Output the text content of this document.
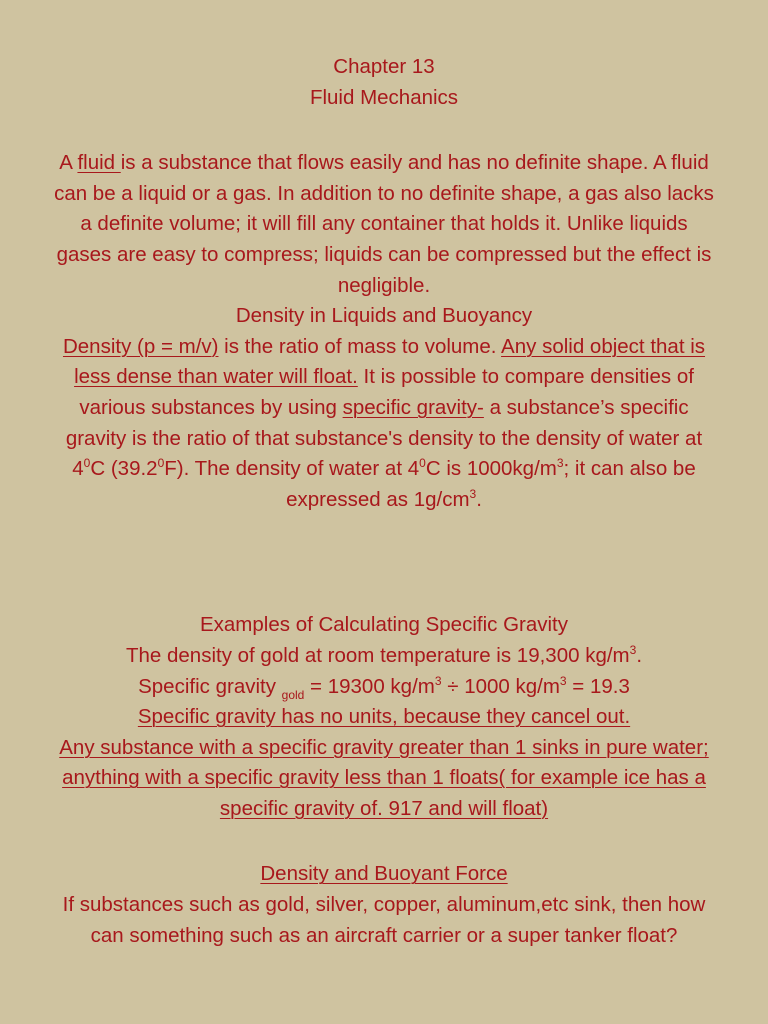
Chapter 13
Fluid Mechanics
A fluid is a substance that flows easily and has no definite shape. A fluid
can be a liquid or a gas. In addition to no definite shape, a gas also lacks
a definite volume; it will fill any container that holds it. Unlike liquids
gases are easy to compress; liquids can be compressed but the effect is
negligible.
Density in Liquids and Buoyancy
Density (p = m/v) is the ratio of mass to volume. Any solid object that is
less dense than water will float. It is possible to compare densities of
various substances by using specific gravity- a substance’s specific
gravity is the ratio of that substance's density to the density of water at
$4^0C$ (39.2$^0$F). The density of water at $4^0C$ is $1000kg/m^3$; it can also be
expressed as $1g/cm^3$.
Examples of Calculating Specific Gravity
The density of gold at room temperature is 19,300 $kg/m^3$.
Specific gravity $_{gold}$ = 19300 $kg/m^3 \div 1000$ $kg/m^3 = 19.3$
Specific gravity has no units, because they cancel out.
Any substance with a specific gravity greater than 1 sinks in pure water;
anything with a specific gravity less than 1 floats( for example ice has a
specific gravity of. 917 and will float)
Density and Buoyant Force
If substances such as gold, silver, copper, aluminum,etc sink, then how
can something such as an aircraft carrier or a super tanker float?
